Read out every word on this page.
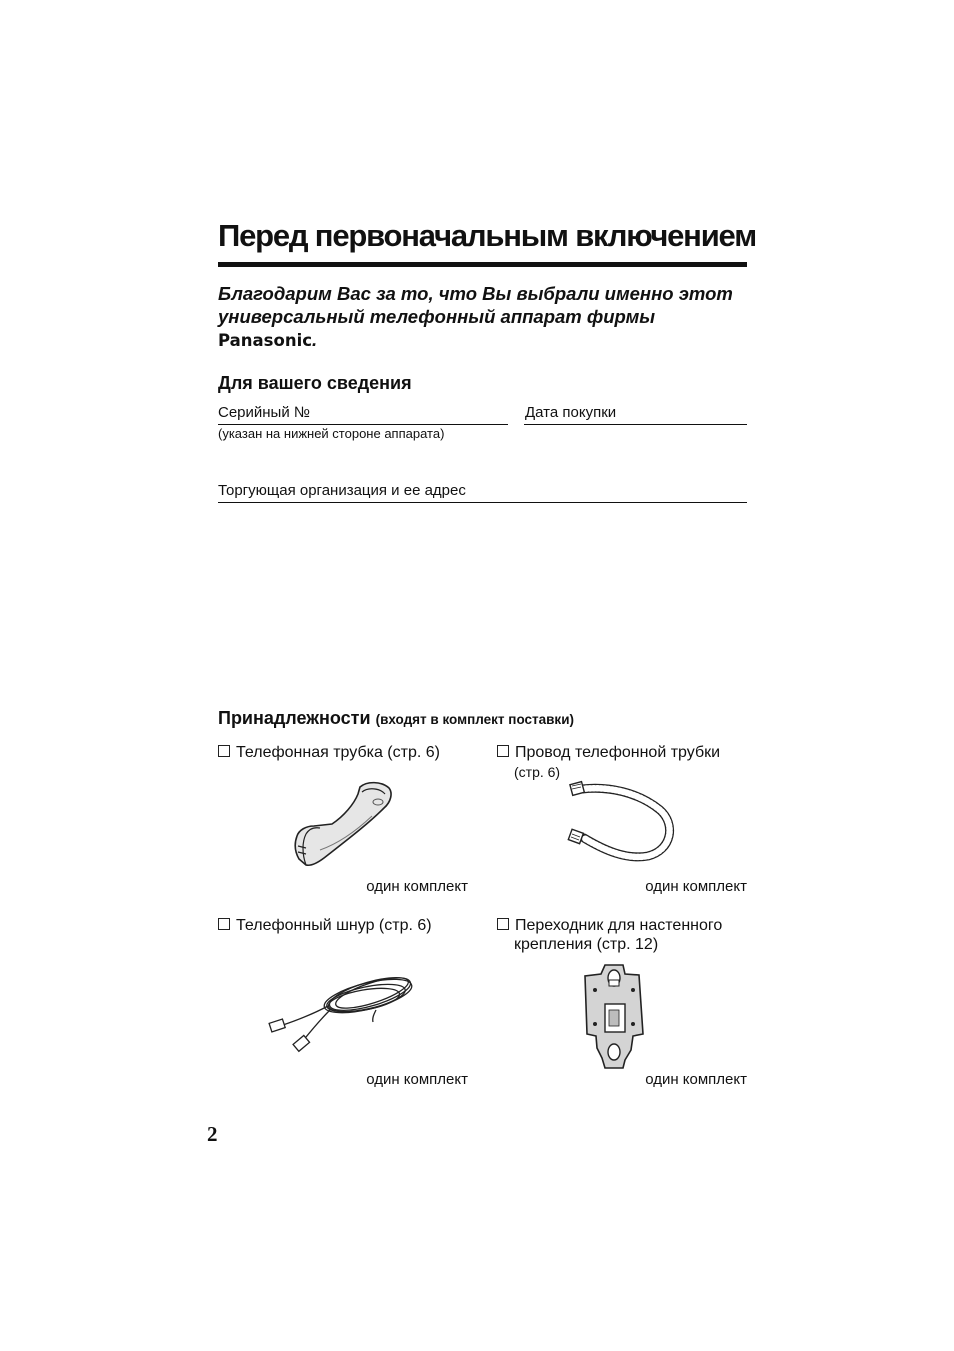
Перед первоначальным включением
Благодарим Вас за то, что Вы выбрали именно этот
универсальный телефонный аппарат фирмы
Panasonic.
Для вашего сведения
Серийный №
(указан на нижней стороне аппарата)
Дата покупки
Торгующая организация и ее адрес
Принадлежности (входят в комплект поставки)
Телефонная трубка (стр. 6)
один комплект
Провод телефонной трубки
(стр. 6)
один комплект
Телефонный шнур (стр. 6)
один комплект
Переходник для настенного
крепления (стр. 12)
один комплект
2
